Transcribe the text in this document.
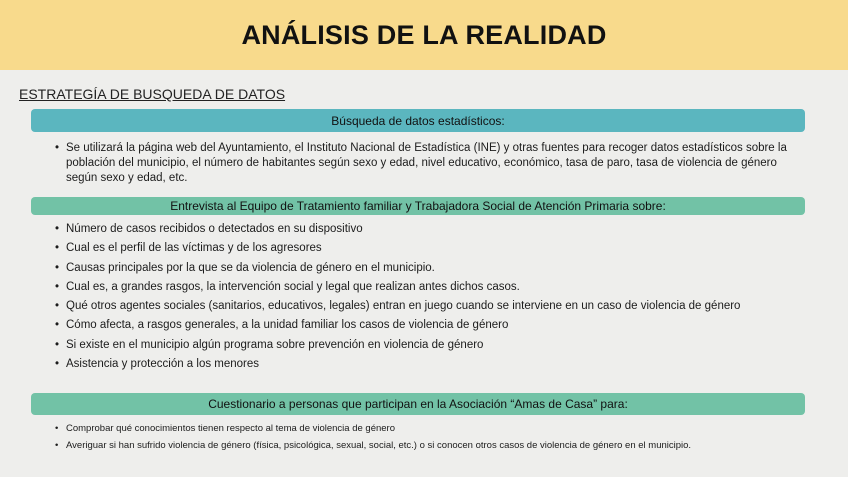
ANÁLISIS DE LA REALIDAD
ESTRATEGÍA DE BUSQUEDA DE DATOS
Búsqueda de datos estadísticos:
• Se utilizará la página web del Ayuntamiento, el Instituto Nacional de Estadística (INE) y otras fuentes para recoger datos estadísticos sobre la población del municipio, el número de habitantes según sexo y edad, nivel educativo, económico, tasa de paro, tasa de violencia de género según sexo y edad, etc.
Entrevista al Equipo de Tratamiento familiar y Trabajadora Social de Atención Primaria sobre:
• Número de casos recibidos o detectados en su dispositivo
• Cual es el perfil de las víctimas y de los agresores
• Causas principales por la que se da violencia de género en el municipio.
• Cual es, a grandes rasgos, la intervención social y legal que realizan antes dichos casos.
• Qué otros agentes sociales (sanitarios, educativos, legales) entran en juego cuando se interviene en un caso de violencia de género
• Cómo afecta, a rasgos generales, a la unidad familiar los casos de violencia de género
• Si existe en el municipio algún programa sobre prevención en violencia de género
• Asistencia y protección a los menores
Cuestionario a personas que participan en la Asociación “Amas de Casa” para:
• Comprobar qué conocimientos tienen respecto al tema de violencia de género
• Averiguar si han sufrido violencia de género (física, psicológica, sexual, social, etc.) o si conocen otros casos de violencia de género en el municipio.
